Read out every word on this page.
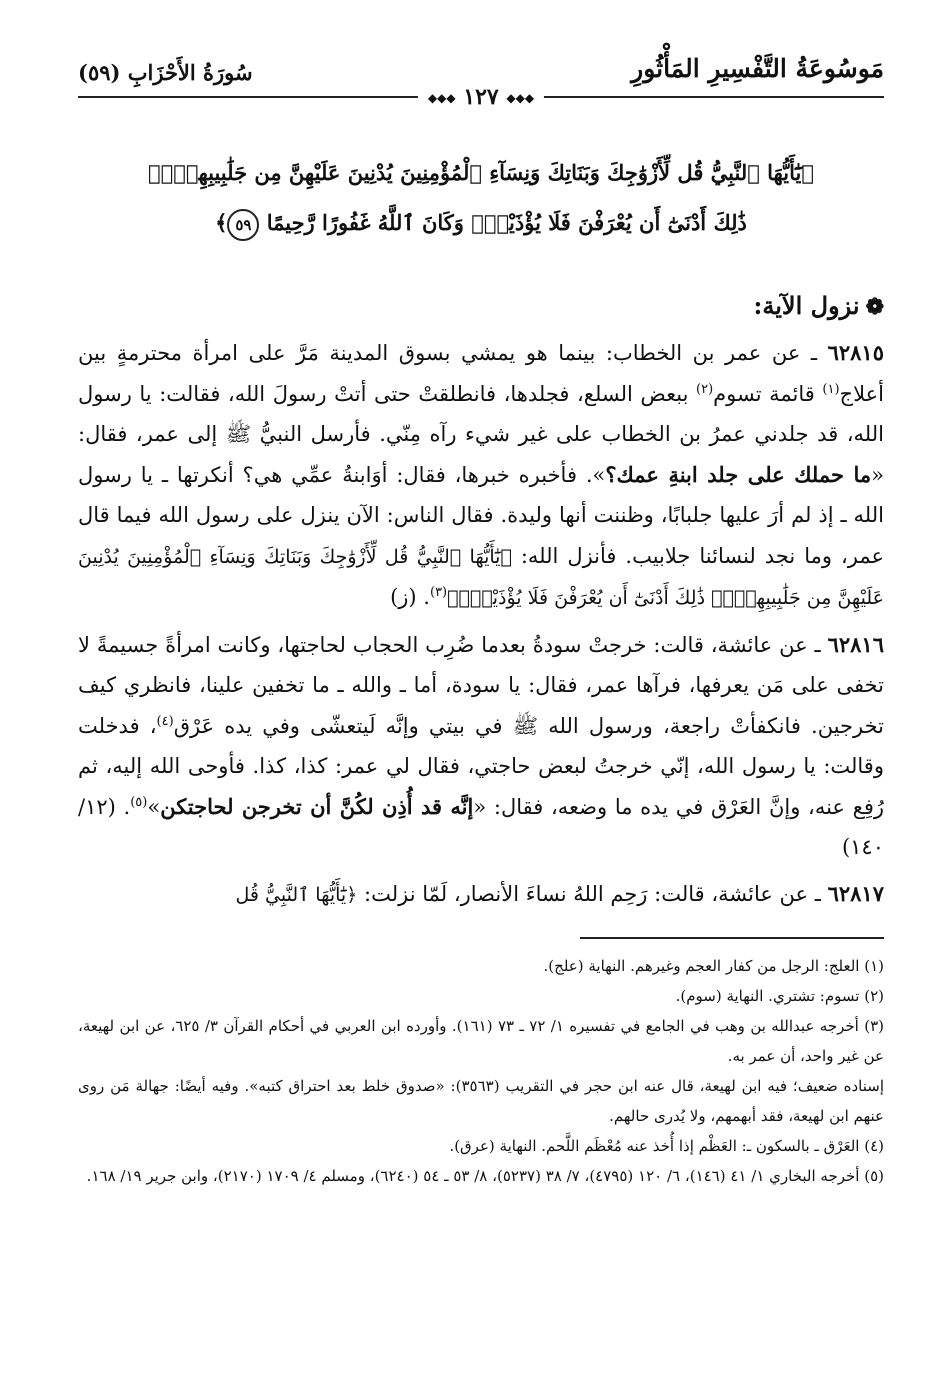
مَوسُوعَةُ التَّفْسِيرِ المَأْثُورِ
سُورَةُ الأَحْزَابِ (٥٩)
◆◆◆ ١٢٧ ◆◆◆
﴿يَٰٓأَيُّهَا ٱلنَّبِيُّ قُل لِّأَزْوَٰجِكَ وَبَنَاتِكَ وَنِسَآءِ ٱلْمُؤْمِنِينَ يُدْنِينَ عَلَيْهِنَّ مِن جَلَٰبِيبِهِنَّۚ
ذَٰلِكَ أَدْنَىٰٓ أَن يُعْرَفْنَ فَلَا يُؤْذَيْنَۗ وَكَانَ ٱللَّهُ غَفُورًا رَّحِيمًا ٥٩﴾
❁نزول الآية:
٦٢٨١٥ ـ عن عمر بن الخطاب: بينما هو يمشي بسوق المدينة مَرَّ على امرأة محترمةٍ بين أعلاج$^{(١)}$ قائمة تسوم$^{(٢)}$ ببعض السلع، فجلدها، فانطلقتْ حتى أتتْ رسولَ الله، فقالت: يا رسول الله، قد جلدني عمرُ بن الخطاب على غير شيء رآه مِنّي. فأرسل النبيُّ ﷺ إلى عمر، فقال: «ما حملك على جلد ابنةِ عمك؟». فأخبره خبرها، فقال: أوَابنةُ عمِّي هي؟ أنكرتها ـ يا رسول الله ـ إذ لم أرَ عليها جلبابًا، وظننت أنها وليدة. فقال الناس: الآن ينزل على رسول الله فيما قال عمر، وما نجد لنسائنا جلابيب. فأنزل الله: ﴿يَٰٓأَيُّهَا ٱلنَّبِيُّ قُل لِّأَزْوَٰجِكَ وَبَنَاتِكَ وَنِسَآءِ ٱلْمُؤْمِنِينَ يُدْنِينَ عَلَيْهِنَّ مِن جَلَٰبِيبِهِنَّۚ ذَٰلِكَ أَدْنَىٰٓ أَن يُعْرَفْنَ فَلَا يُؤْذَيْنَۗ﴾$^{(٣)}$. (ز)
٦٢٨١٦ ـ عن عائشة، قالت: خرجتْ سودةُ بعدما ضُرِب الحجاب لحاجتها، وكانت امرأةً جسيمةً لا تخفى على مَن يعرفها، فرآها عمر، فقال: يا سودة، أما ـ والله ـ ما تخفين علينا، فانظري كيف تخرجين. فانكفأتْ راجعة، ورسول الله ﷺ في بيتي وإنَّه لَيتعشّى وفي يده عَرْق$^{(٤)}$، فدخلت وقالت: يا رسول الله، إنّي خرجتُ لبعض حاجتي، فقال لي عمر: كذا، كذا. فأوحى الله إليه، ثم رُفِع عنه، وإنَّ العَرْق في يده ما وضعه، فقال: «إنَّه قد أُذِن لكُنَّ أن تخرجن لحاجتكن»$^{(٥)}$. (١٢/ ١٤٠)
٦٢٨١٧ ـ عن عائشة، قالت: رَحِم اللهُ نساءَ الأنصار، لَمّا نزلت: ﴿يَٰٓأَيُّهَا ٱلنَّبِيُّ قُل

(١) العلج: الرجل من كفار العجم وغيرهم. النهاية (علج).

(٢) تسوم: تشتري. النهاية (سوم).

(٣) أخرجه عبدالله بن وهب في الجامع في تفسيره ١/ ٧٢ ـ ٧٣ (١٦١). وأورده ابن العربي في أحكام القرآن ٣/ ٦٢٥، عن ابن لهيعة، عن غير واحد، أن عمر به.

إسناده ضعيف؛ فيه ابن لهيعة، قال عنه ابن حجر في التقريب (٣٥٦٣): «صدوق خلط بعد احتراق كتبه». وفيه أيضًا: جهالة مَن روى عنهم ابن لهيعة، فقد أبهمهم، ولا يُدرى حالهم.

(٤) العَرْق ـ بالسكون ـ: العَظْم إذا أُخذ عنه مُعْظَم اللَّحم. النهاية (عرق).

(٥) أخرجه البخاري ١/ ٤١ (١٤٦)، ٦/ ١٢٠ (٤٧٩٥)، ٧/ ٣٨ (٥٢٣٧)، ٨/ ٥٣ ـ ٥٤ (٦٢٤٠)، ومسلم ٤/ ١٧٠٩ (٢١٧٠)، وابن جرير ١٩/ ١٦٨.
